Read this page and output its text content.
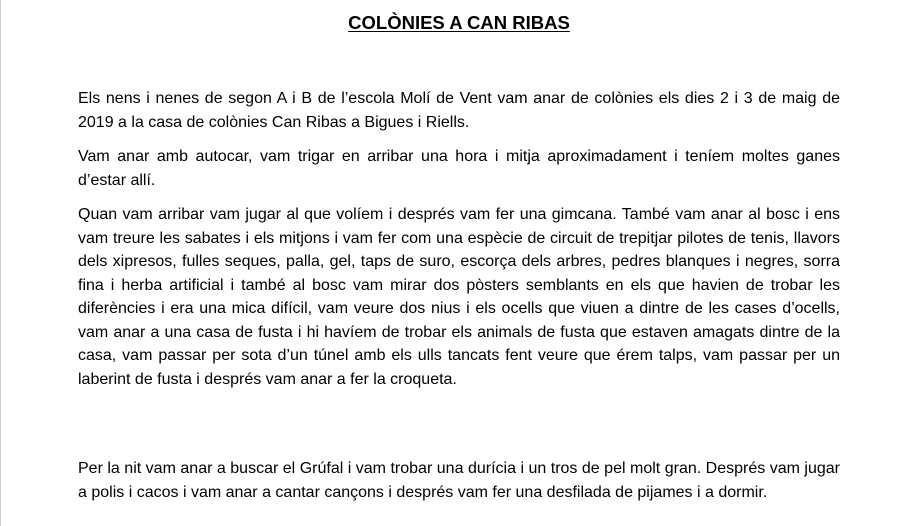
COLÒNIES A CAN RIBAS
Els nens i nenes de segon A i B de l’escola Molí de Vent vam anar de colònies els dies 2 i 3 de maig de 2019 a la casa de colònies Can Ribas a Bigues i Riells.
Vam anar amb autocar, vam trigar en arribar una hora i mitja aproximadament i teníem moltes ganes d’estar allí.
Quan vam arribar vam jugar al que volíem i després vam fer una gimcana. També vam anar al bosc i ens vam treure les sabates i els mitjons i vam fer com una espècie de circuit de trepitjar pilotes de tenis, llavors dels xipresos, fulles seques, palla, gel, taps de suro, escorça dels arbres, pedres blanques i negres, sorra fina i herba artificial i també al bosc vam mirar dos pòsters semblants en els que havien de trobar les diferències i era una mica difícil, vam veure dos nius i els ocells que viuen a dintre de les cases d’ocells, vam anar a una casa de fusta i hi havíem de trobar els animals de fusta que estaven amagats dintre de la casa, vam passar per sota d’un túnel amb els ulls tancats fent veure que érem talps, vam passar per un laberint de fusta i després vam anar a fer la croqueta.
Per la nit vam anar a buscar el Grúfal i vam trobar una durícia i un tros de pel molt gran. Després vam jugar a polis i cacos i vam anar a cantar cançons i després vam fer una desfilada de pijames i a dormir.
